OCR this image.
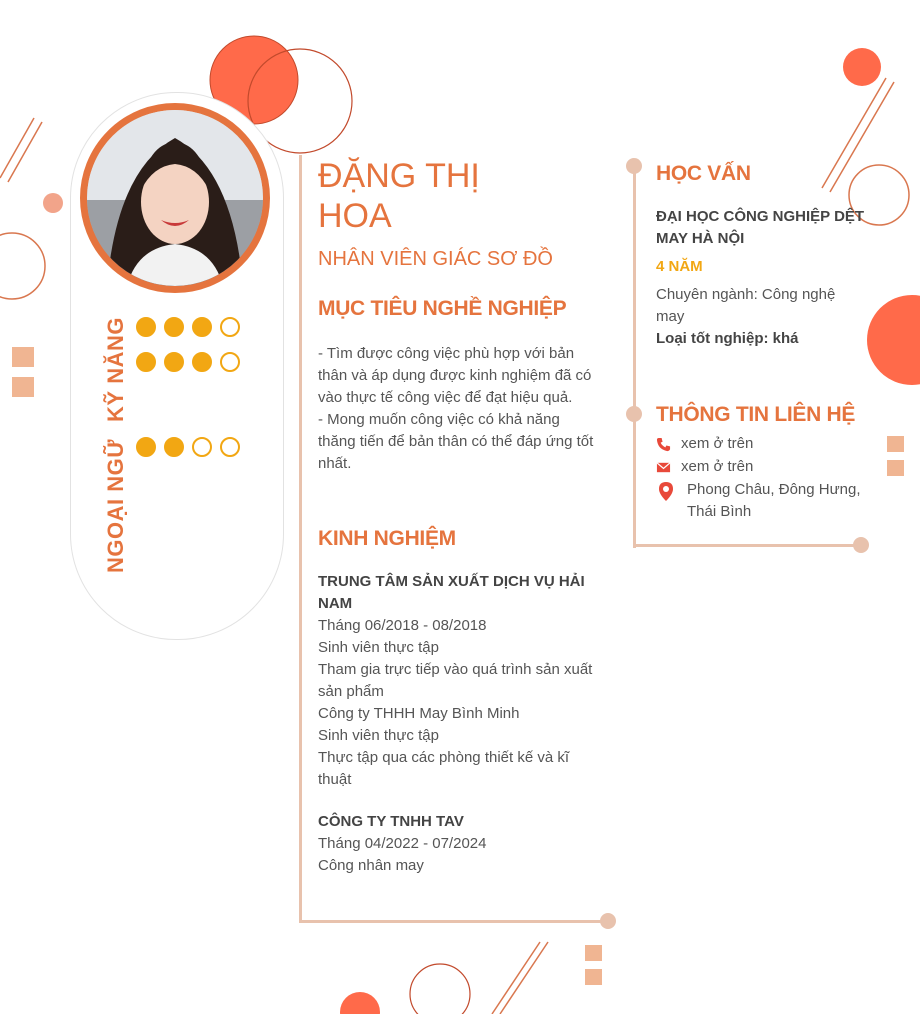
KỸ NĂNG
NGOẠI NGỮ
ĐẶNG THỊ
HOA
NHÂN VIÊN GIÁC SƠ ĐỒ
MỤC TIÊU NGHỀ NGHIỆP
- Tìm được công việc phù hợp với bản
thân và áp dụng được kinh nghiệm đã có
vào thực tế công việc để đạt hiệu quả.
- Mong muốn công việc có khả năng
thăng tiến để bản thân có thể đáp ứng tốt
nhất.
KINH NGHIỆM
TRUNG TÂM SẢN XUẤT DỊCH VỤ HẢI
NAM
Tháng 06/2018 - 08/2018
Sinh viên thực tập
Tham gia trực tiếp vào quá trình sản xuất
sản phẩm
Công ty THHH May Bình Minh
Sinh viên thực tập
Thực tập qua các phòng thiết kế và kĩ
thuật
CÔNG TY TNHH TAV
Tháng 04/2022 - 07/2024
Công nhân may
HỌC VẤN
ĐẠI HỌC CÔNG NGHIỆP DỆT
MAY HÀ NỘI
4 NĂM
Chuyên ngành: Công nghệ
may
Loại tốt nghiệp: khá
THÔNG TIN LIÊN HỆ
xem ở trên
xem ở trên
Phong Châu, Đông Hưng,
Thái Bình
